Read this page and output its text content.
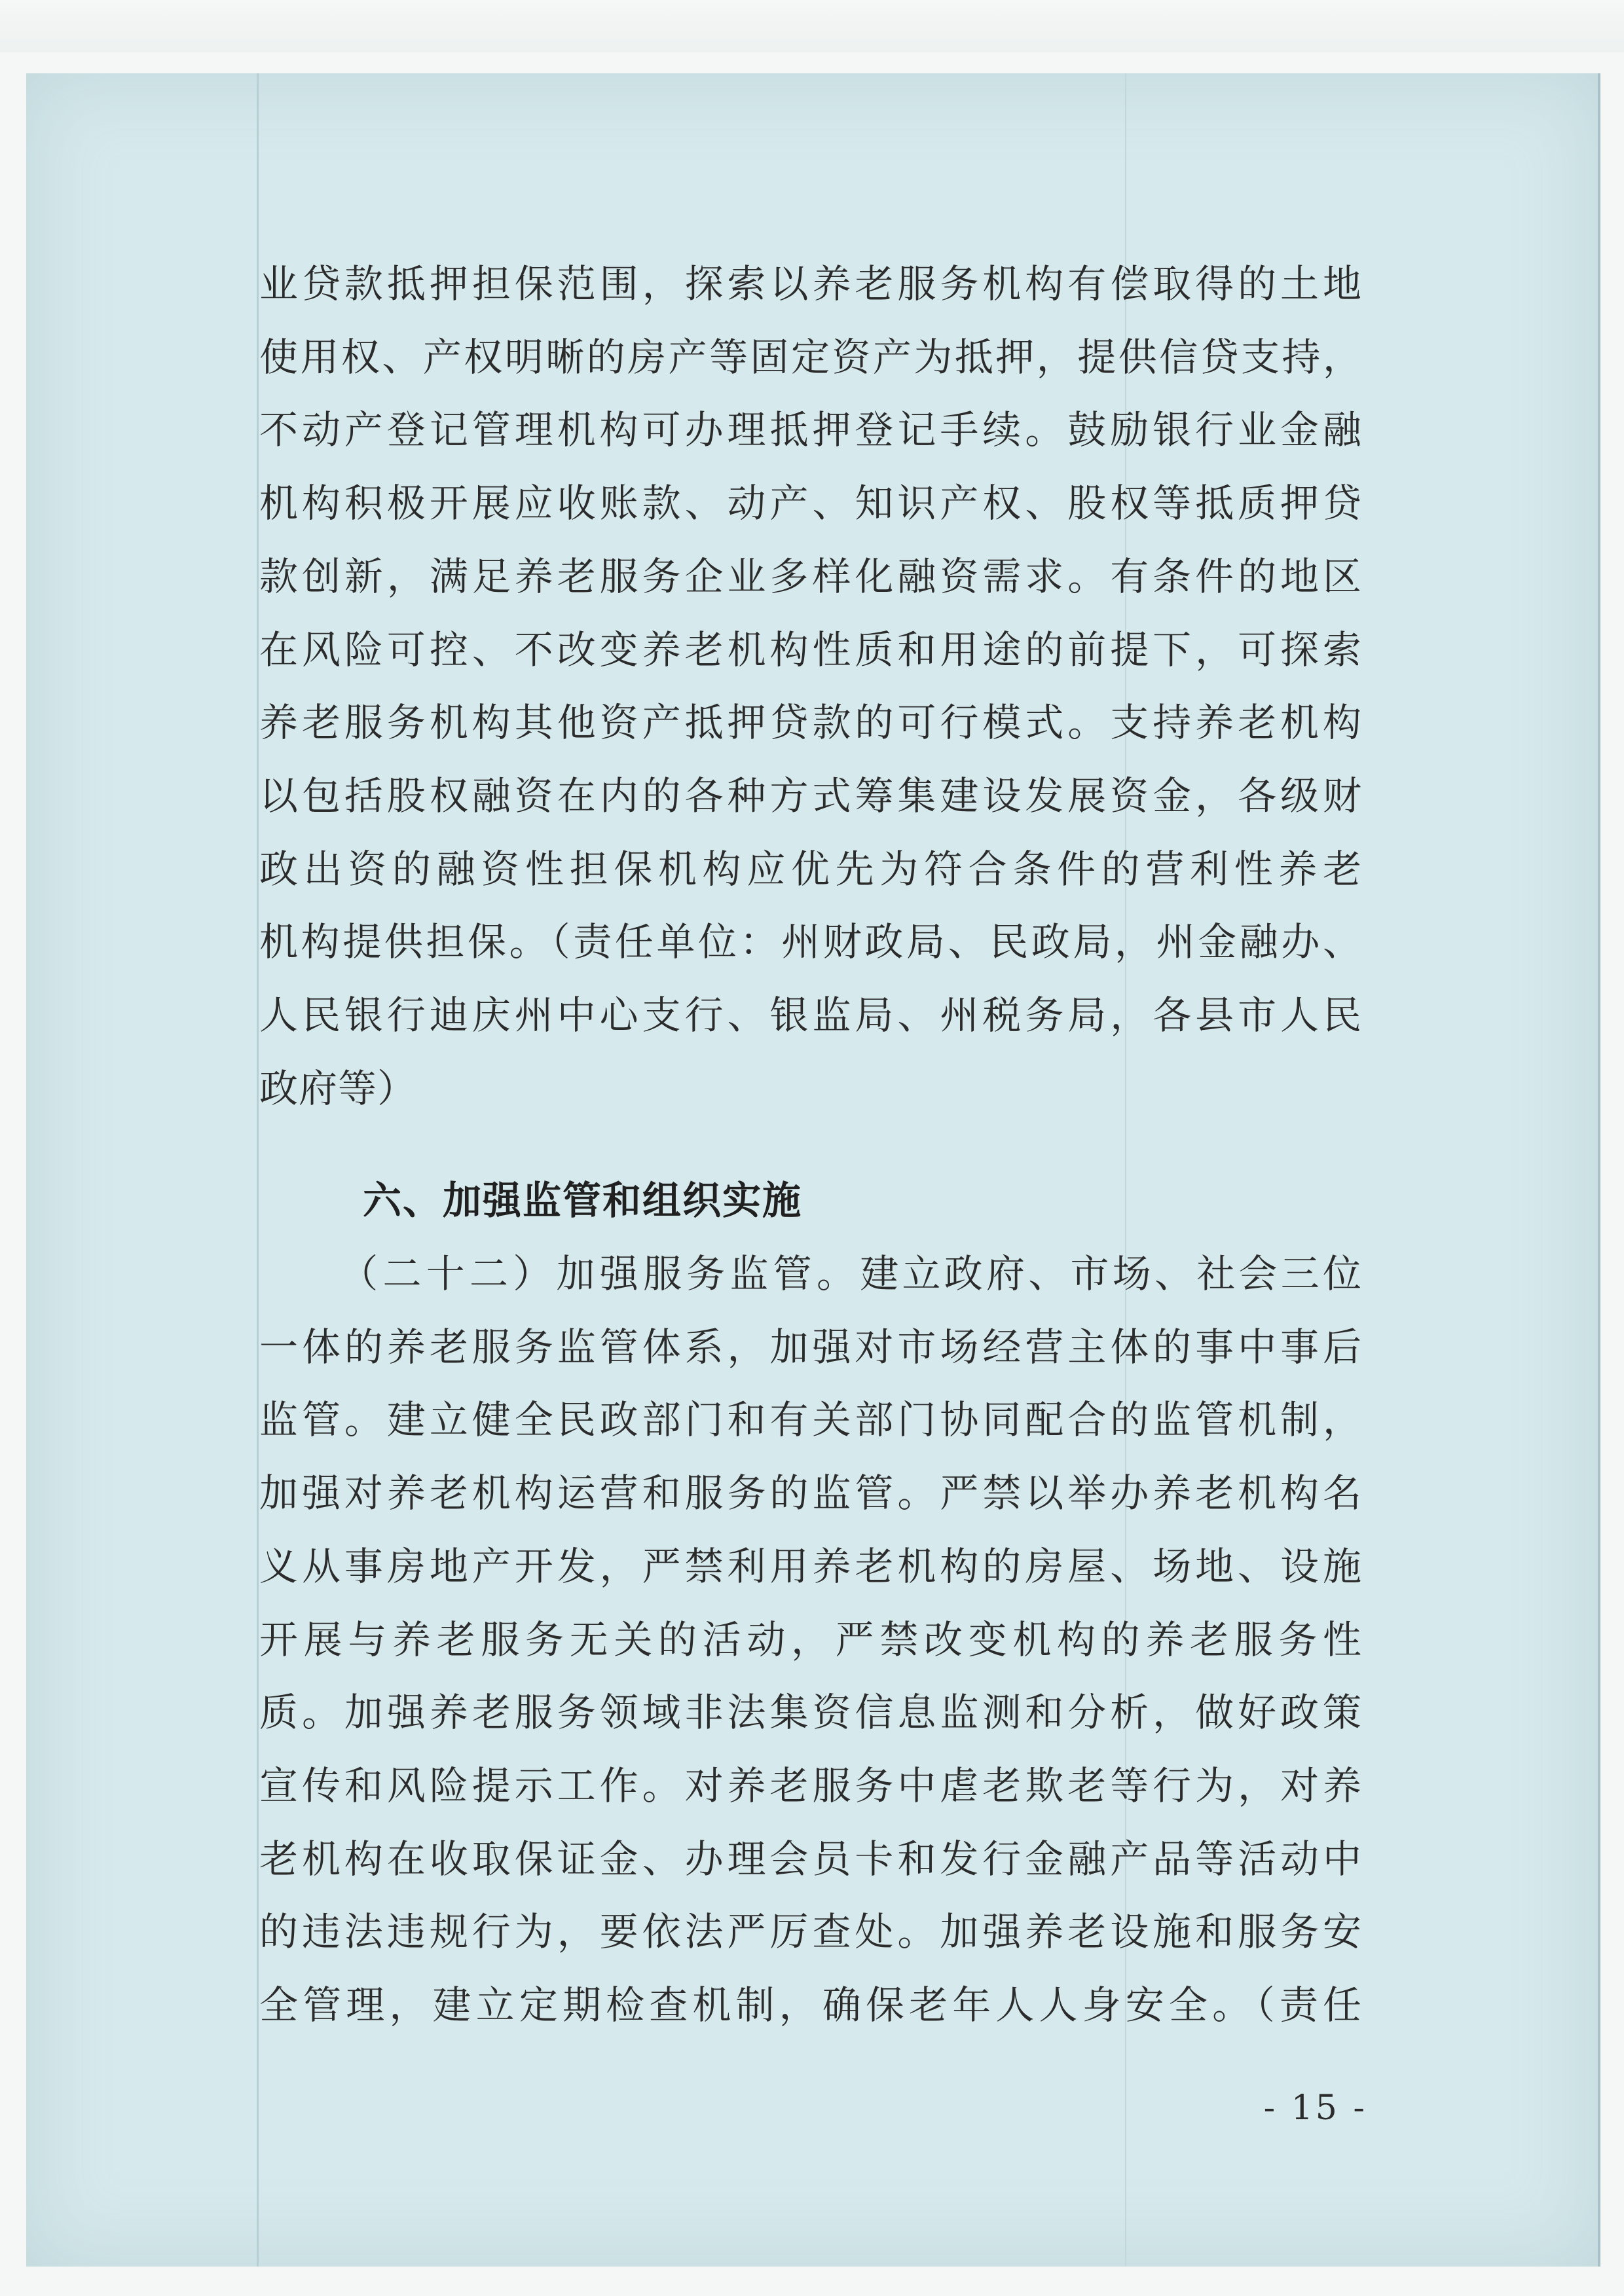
业贷款抵押担保范围，探索以养老服务机构有偿取得的土地
使用权、产权明晰的房产等固定资产为抵押，提供信贷支持，
不动产登记管理机构可办理抵押登记手续。鼓励银行业金融
机构积极开展应收账款、动产、知识产权、股权等抵质押贷
款创新，满足养老服务企业多样化融资需求。有条件的地区
在风险可控、不改变养老机构性质和用途的前提下，可探索
养老服务机构其他资产抵押贷款的可行模式。支持养老机构
以包括股权融资在内的各种方式筹集建设发展资金，各级财
政出资的融资性担保机构应优先为符合条件的营利性养老
机构提供担保。（责任单位：州财政局、民政局，州金融办、
人民银行迪庆州中心支行、银监局、州税务局，各县市人民
政府等）
六、加强监管和组织实施
（二十二）加强服务监管。建立政府、市场、社会三位
一体的养老服务监管体系，加强对市场经营主体的事中事后
监管。建立健全民政部门和有关部门协同配合的监管机制，
加强对养老机构运营和服务的监管。严禁以举办养老机构名
义从事房地产开发，严禁利用养老机构的房屋、场地、设施
开展与养老服务无关的活动，严禁改变机构的养老服务性
质。加强养老服务领域非法集资信息监测和分析，做好政策
宣传和风险提示工作。对养老服务中虐老欺老等行为，对养
老机构在收取保证金、办理会员卡和发行金融产品等活动中
的违法违规行为，要依法严厉查处。加强养老设施和服务安
全管理，建立定期检查机制，确保老年人人身安全。（责任
- 15 -
